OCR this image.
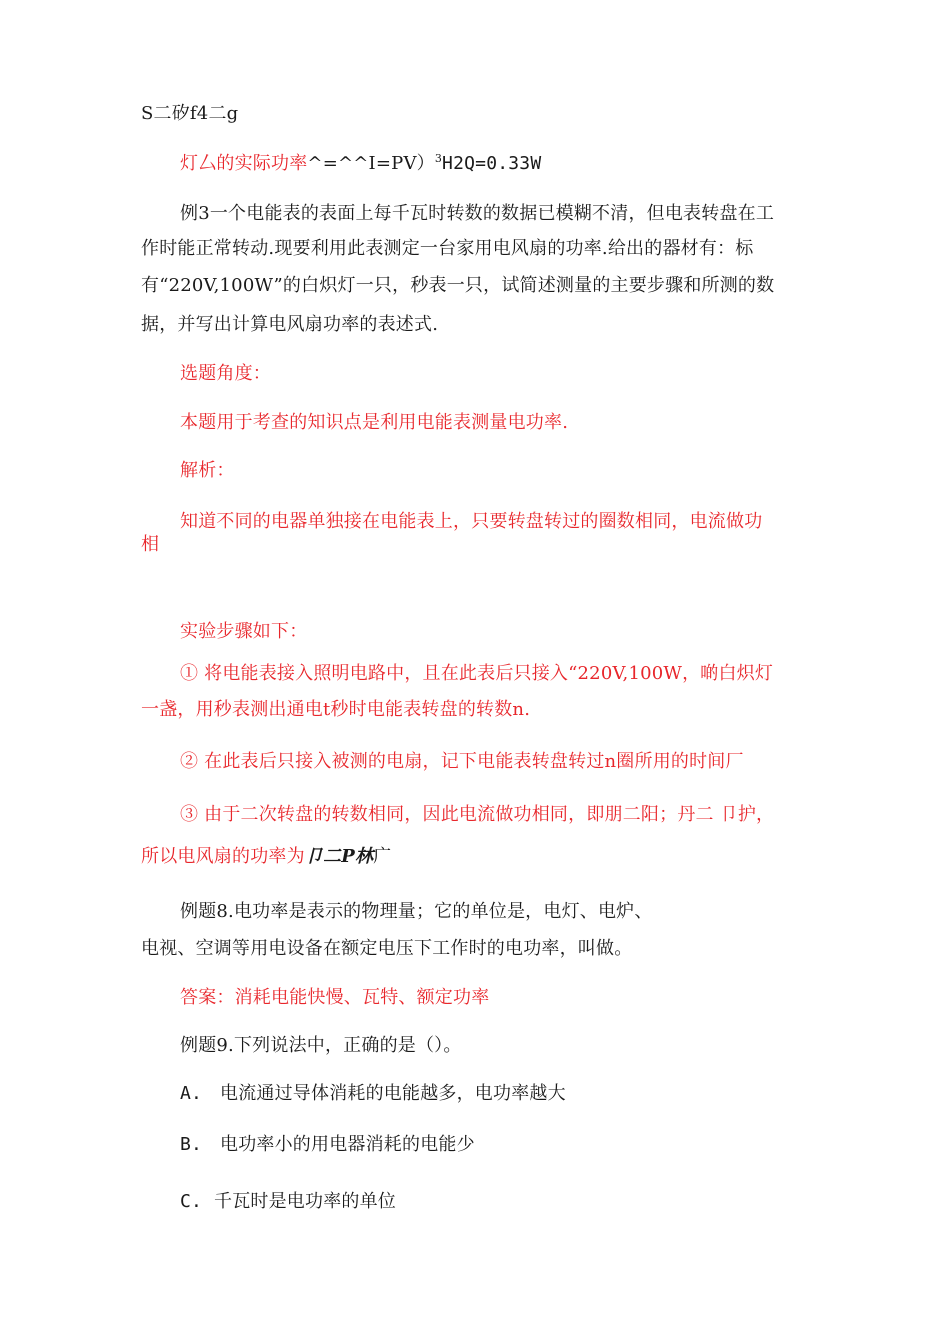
S二矽f4二g
灯厶的实际功率^=^^I=PV）$^3$H2Q=0.33W
例3一个电能表的表面上每千瓦时转数的数据已模糊不清，但电表转盘在工
作时能正常转动.现要利用此表测定一台家用电风扇的功率.给出的器材有：标
有“220V,100W”的白炽灯一只，秒表一只，试简述测量的主要步骤和所测的数
据，并写出计算电风扇功率的表述式.
选题角度：
本题用于考查的知识点是利用电能表测量电功率.
解析：
知道不同的电器单独接在电能表上，只要转盘转过的圈数相同，电流做功
相
实验步骤如下：
① 将电能表接入照明电路中，且在此表后只接入“220V,100W，啲白炽灯
一盏，用秒表测出通电t秒时电能表转盘的转数n.
② 在此表后只接入被测的电扇，记下电能表转盘转过n圈所用的时间厂
③ 由于二次转盘的转数相同，因此电流做功相同，即朋二阳；丹二 卩护，
所以电风扇的功率为卩二P林广
例题8.电功率是表示的物理量；它的单位是，电灯、电炉、
电视、空调等用电设备在额定电压下工作时的电功率，叫做。
答案：消耗电能快慢、瓦特、额定功率
例题9.下列说法中，正确的是（）。
A. 电流通过导体消耗的电能越多，电功率越大
B. 电功率小的用电器消耗的电能少
C. 千瓦时是电功率的单位
